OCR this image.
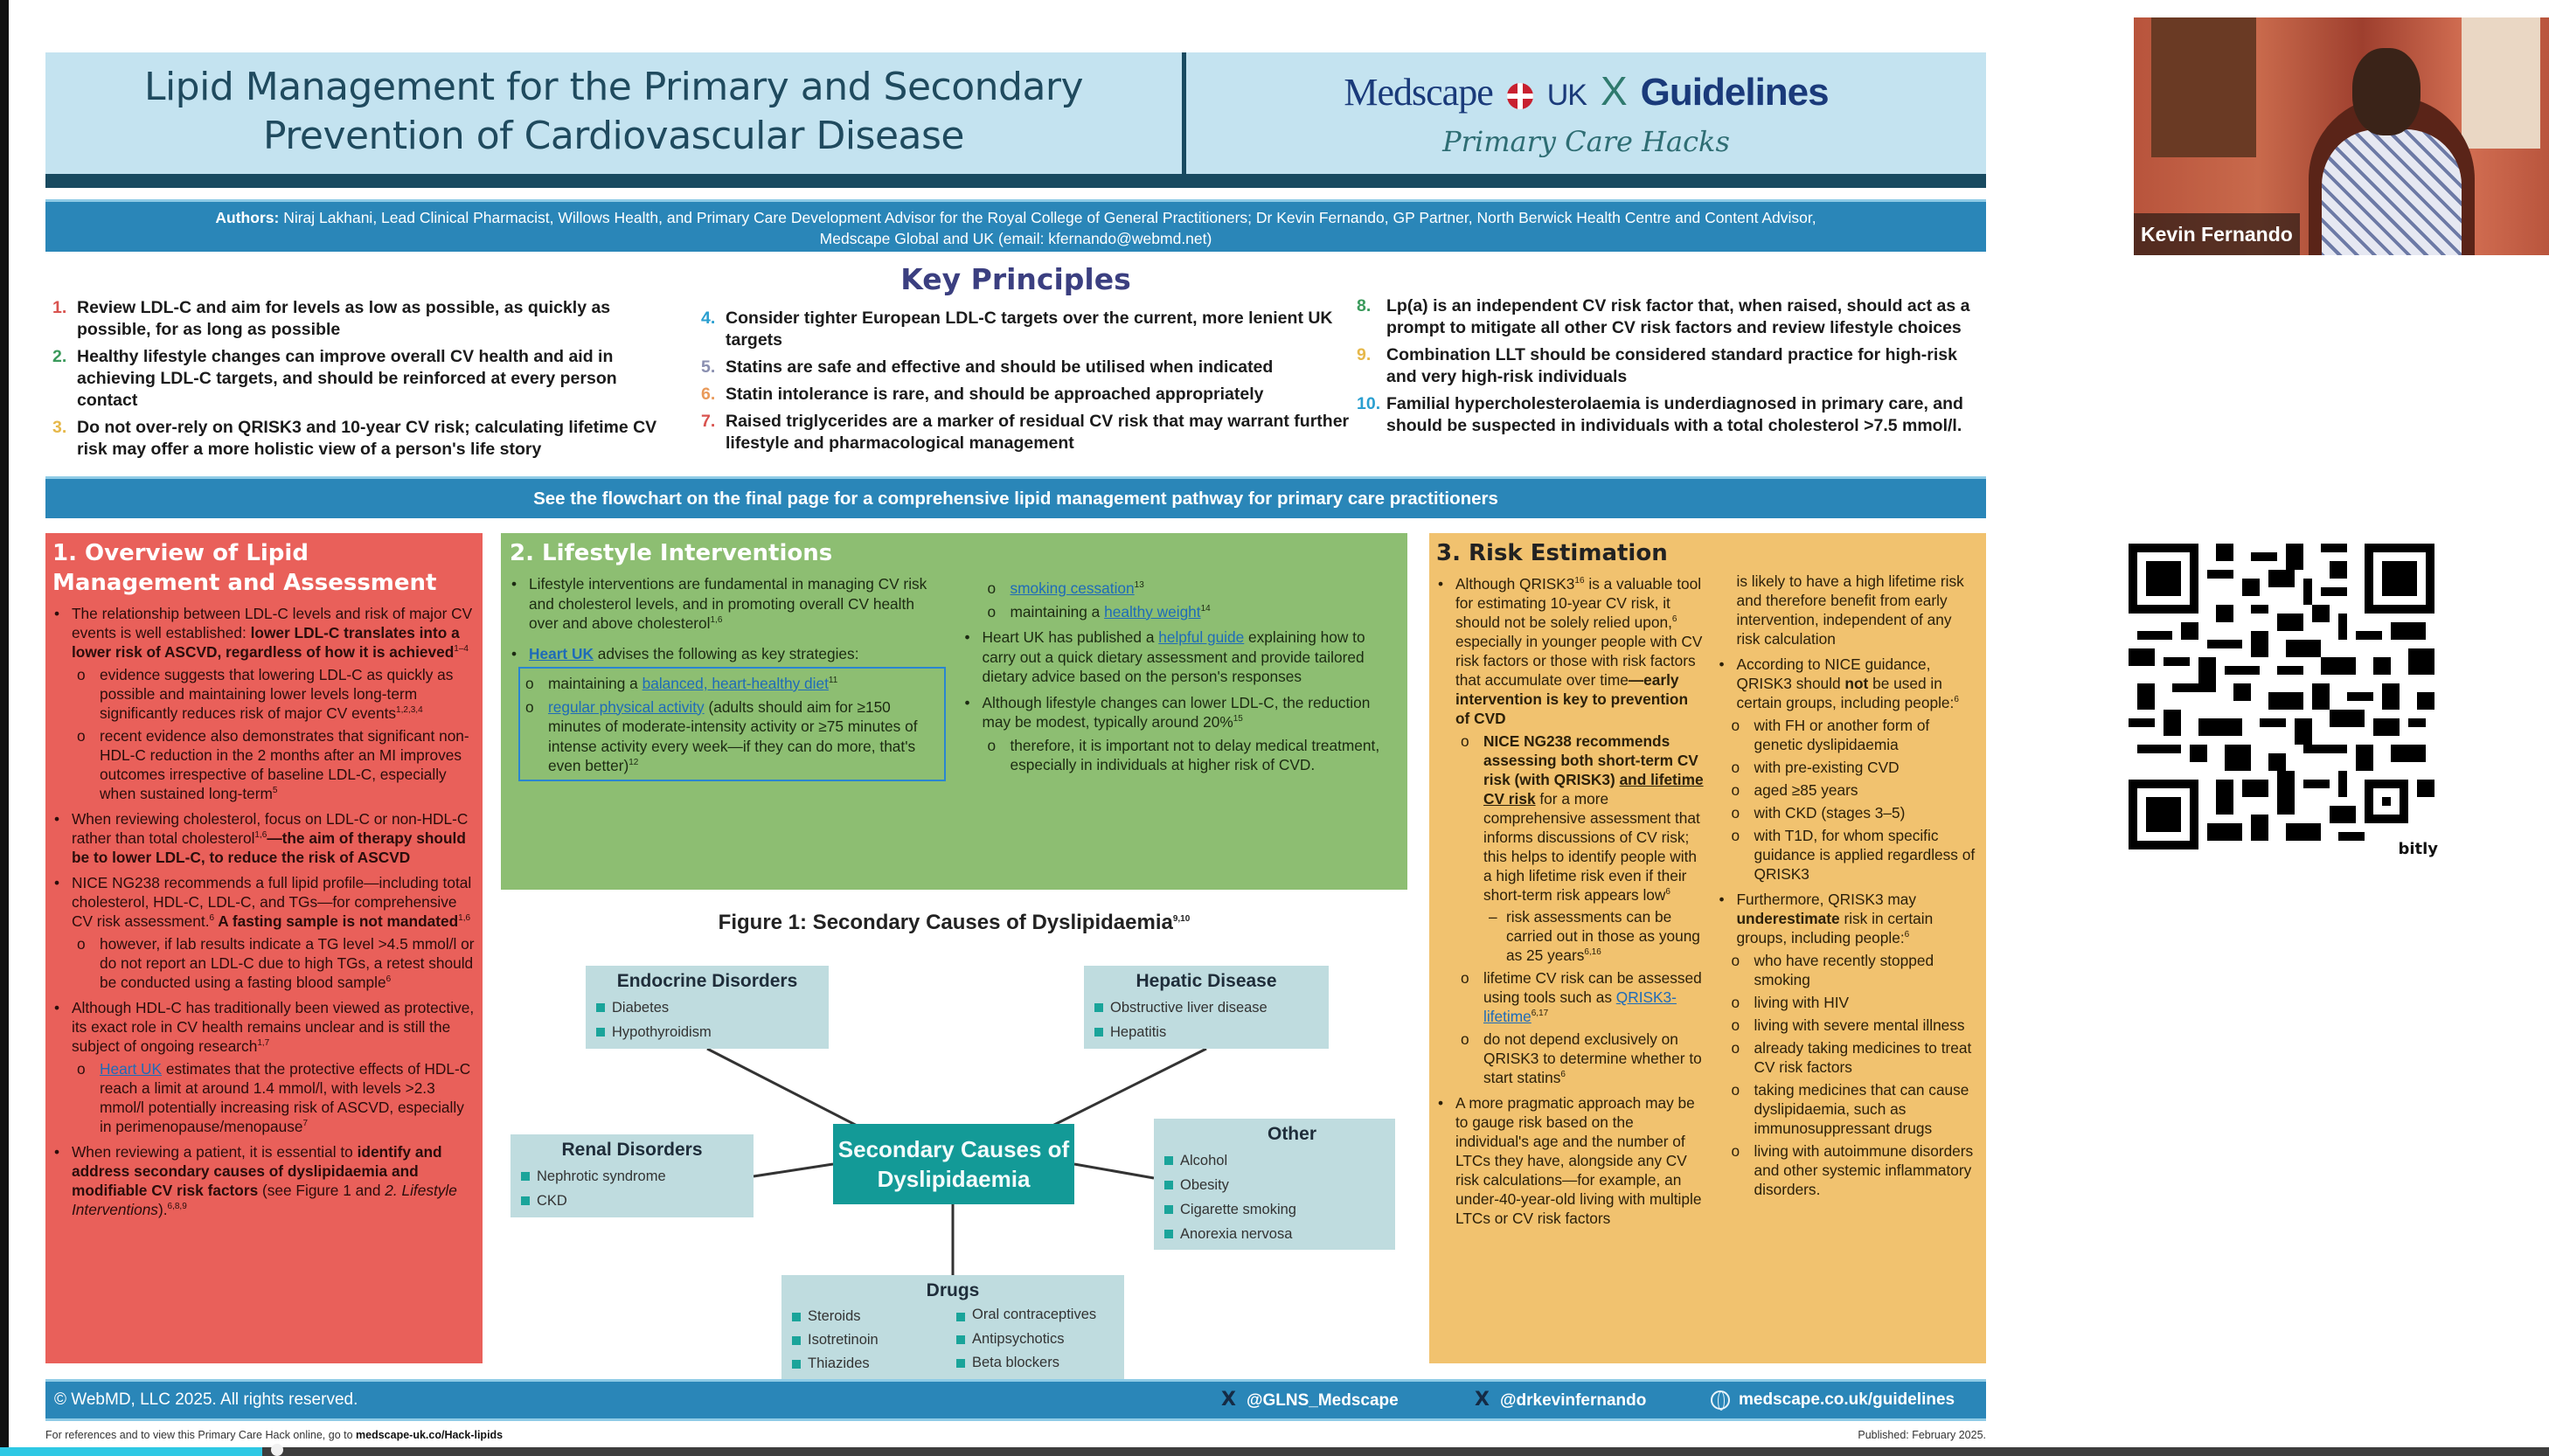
Lipid Management for the Primary and Secondary
Prevention of Cardiovascular Disease
Medscape UK X Guidelines
Primary Care Hacks
Authors: Niraj Lakhani, Lead Clinical Pharmacist, Willows Health, and Primary Care Development Advisor for the Royal College of General Practitioners; Dr Kevin Fernando, GP Partner, North Berwick Health Centre and Content Advisor,
Medscape Global and UK (email: kfernando@webmd.net)
Key Principles
1. Review LDL-C and aim for levels as low as possible, as quickly as possible, for as long as possible
2. Healthy lifestyle changes can improve overall CV health and aid in achieving LDL-C targets, and should be reinforced at every person contact
3. Do not over-rely on QRISK3 and 10-year CV risk; calculating lifetime CV risk may offer a more holistic view of a person's life story
4. Consider tighter European LDL-C targets over the current, more lenient UK targets
5. Statins are safe and effective and should be utilised when indicated
6. Statin intolerance is rare, and should be approached appropriately
7. Raised triglycerides are a marker of residual CV risk that may warrant further lifestyle and pharmacological management
8. Lp(a) is an independent CV risk factor that, when raised, should act as a prompt to mitigate all other CV risk factors and review lifestyle choices
9. Combination LLT should be considered standard practice for high-risk and very high-risk individuals
10. Familial hypercholesterolaemia is underdiagnosed in primary care, and should be suspected in individuals with a total cholesterol >7.5 mmol/l.
See the flowchart on the final page for a comprehensive lipid management pathway for primary care practitioners
1. Overview of Lipid Management and Assessment
• The relationship between LDL-C levels and risk of major CV events is well established: lower LDL-C translates into a lower risk of ASCVD, regardless of how it is achieved$^{1-4}$
o evidence suggests that lowering LDL-C as quickly as possible and maintaining lower levels long-term significantly reduces risk of major CV events$^{1,2,3,4}$
o recent evidence also demonstrates that significant non-HDL-C reduction in the 2 months after an MI improves outcomes irrespective of baseline LDL-C, especially when sustained long-term$^5$
• When reviewing cholesterol, focus on LDL-C or non-HDL-C rather than total cholesterol$^{1,6}$—the aim of therapy should be to lower LDL-C, to reduce the risk of ASCVD
• NICE NG238 recommends a full lipid profile—including total cholesterol, HDL-C, LDL-C, and TGs—for comprehensive CV risk assessment.$^6$ A fasting sample is not mandated$^{1,6}$
o however, if lab results indicate a TG level >4.5 mmol/l or do not report an LDL-C due to high TGs, a retest should be conducted using a fasting blood sample$^6$
• Although HDL-C has traditionally been viewed as protective, its exact role in CV health remains unclear and is still the subject of ongoing research$^{1,7}$
o Heart UK estimates that the protective effects of HDL-C reach a limit at around 1.4 mmol/l, with levels >2.3 mmol/l potentially increasing risk of ASCVD, especially in perimenopause/menopause$^7$
• When reviewing a patient, it is essential to identify and address secondary causes of dyslipidaemia and modifiable CV risk factors (see Figure 1 and 2. Lifestyle Interventions).$^{6,8,9}$
2. Lifestyle Interventions
• Lifestyle interventions are fundamental in managing CV risk and cholesterol levels, and in promoting overall CV health over and above cholesterol$^{1,6}$
• Heart UK advises the following as key strategies:
o maintaining a balanced, heart-healthy diet$^{11}$
o regular physical activity (adults should aim for ≥150 minutes of moderate-intensity activity or ≥75 minutes of intense activity every week—if they can do more, that's even better)$^{12}$
o smoking cessation$^{13}$
o maintaining a healthy weight$^{14}$
• Heart UK has published a helpful guide explaining how to carry out a quick dietary assessment and provide tailored dietary advice based on the person's responses
• Although lifestyle changes can lower LDL-C, the reduction may be modest, typically around 20%$^{15}$
o therefore, it is important not to delay medical treatment, especially in individuals at higher risk of CVD.
Figure 1: Secondary Causes of Dyslipidaemia$^{9,10}$
Endocrine Disorders
Diabetes
Hypothyroidism
Hepatic Disease
Obstructive liver disease
Hepatitis
Renal Disorders
Nephrotic syndrome
CKD
Secondary Causes of Dyslipidaemia
Other
Alcohol
Obesity
Cigarette smoking
Anorexia nervosa
Drugs
Steroids
Isotretinoin
Thiazides
Oral contraceptives
Antipsychotics
Beta blockers
3. Risk Estimation
• Although $QRISK3^{16}$ is a valuable tool for estimating 10-year CV risk, it should not be solely relied upon,$^6$ especially in younger people with CV risk factors or those with risk factors that accumulate over time—early intervention is key to prevention of CVD
o NICE NG238 recommends assessing both short-term CV risk (with QRISK3) and lifetime CV risk for a more comprehensive assessment that informs discussions of CV risk; this helps to identify people with a high lifetime risk even if their short-term risk appears low$^6$
– risk assessments can be carried out in those as young as 25 years$^{6,16}$
o lifetime CV risk can be assessed using tools such as QRISK3-lifetime$^{6,17}$
o do not depend exclusively on QRISK3 to determine whether to start statins$^6$
• A more pragmatic approach may be to gauge risk based on the individual's age and the number of LTCs they have, alongside any CV risk calculations—for example, an under-40-year-old living with multiple LTCs or CV risk factors
is likely to have a high lifetime risk and therefore benefit from early intervention, independent of any risk calculation
• According to NICE guidance, QRISK3 should not be used in certain groups, including people:$^6$
o with FH or another form of genetic dyslipidaemia
o with pre-existing CVD
o aged ≥85 years
o with CKD (stages 3–5)
o with T1D, for whom specific guidance is applied regardless of QRISK3
• Furthermore, QRISK3 may underestimate risk in certain groups, including people:$^6$
o who have recently stopped smoking
o living with HIV
o living with severe mental illness
o already taking medicines to treat CV risk factors
o taking medicines that can cause dyslipidaemia, such as immunosuppressant drugs
o living with autoimmune disorders and other systemic inflammatory disorders.
© WebMD, LLC 2025. All rights reserved.	X @GLNS_Medscape	X @drkevinfernando	medscape.co.uk/guidelines
For references and to view this Primary Care Hack online, go to medscape-uk.co/Hack-lipids	Published: February 2025.
Kevin Fernando
bitly
